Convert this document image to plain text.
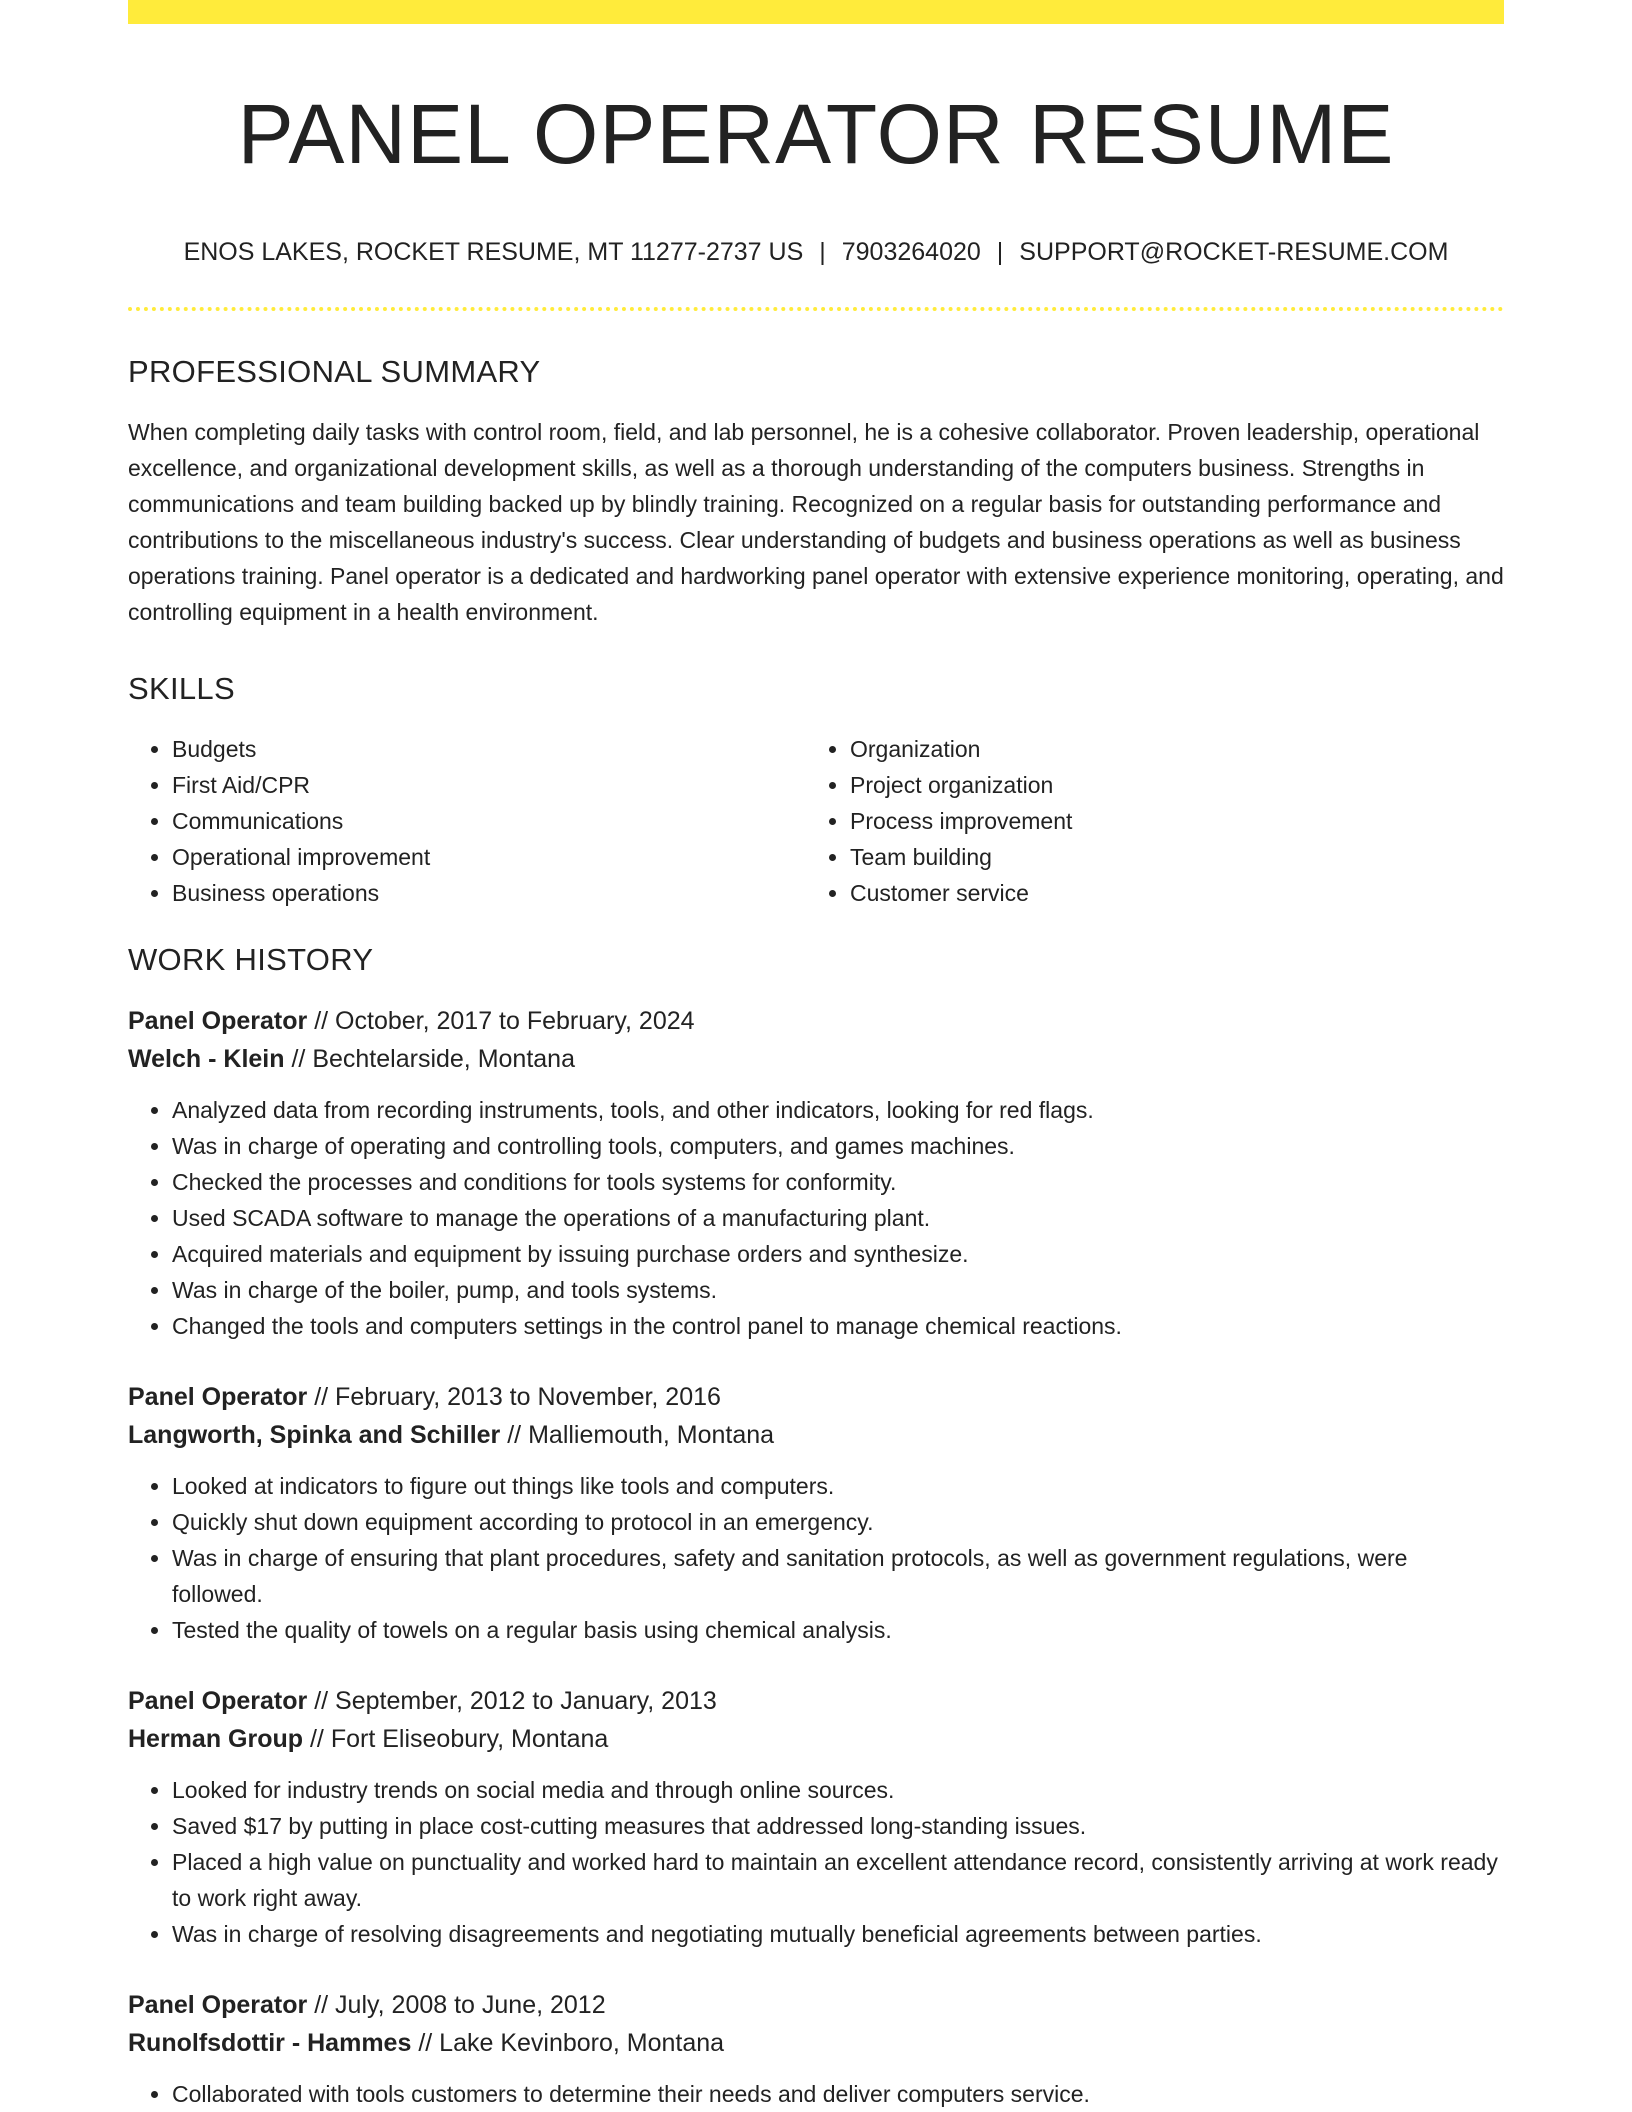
PANEL OPERATOR RESUME
ENOS LAKES, ROCKET RESUME, MT 11277-2737 US | 7903264020 | SUPPORT@ROCKET-RESUME.COM
PROFESSIONAL SUMMARY

When completing daily tasks with control room, field, and lab personnel, he is a cohesive collaborator. Proven leadership, operational excellence, and organizational development skills, as well as a thorough understanding of the computers business. Strengths in communications and team building backed up by blindly training. Recognized on a regular basis for outstanding performance and contributions to the miscellaneous industry's success. Clear understanding of budgets and business operations as well as business operations training. Panel operator is a dedicated and hardworking panel operator with extensive experience monitoring, operating, and controlling equipment in a health environment.

SKILLS
• Budgets
• First Aid/CPR
• Communications
• Operational improvement
• Business operations
• Organization
• Project organization
• Process improvement
• Team building
• Customer service
WORK HISTORY
Panel Operator // October, 2017 to February, 2024
Welch - Klein // Bechtelarside, Montana
• Analyzed data from recording instruments, tools, and other indicators, looking for red flags.
• Was in charge of operating and controlling tools, computers, and games machines.
• Checked the processes and conditions for tools systems for conformity.
• Used SCADA software to manage the operations of a manufacturing plant.
• Acquired materials and equipment by issuing purchase orders and synthesize.
• Was in charge of the boiler, pump, and tools systems.
• Changed the tools and computers settings in the control panel to manage chemical reactions.
Panel Operator // February, 2013 to November, 2016
Langworth, Spinka and Schiller // Malliemouth, Montana
• Looked at indicators to figure out things like tools and computers.
• Quickly shut down equipment according to protocol in an emergency.
• Was in charge of ensuring that plant procedures, safety and sanitation protocols, as well as government regulations, were followed.
• Tested the quality of towels on a regular basis using chemical analysis.
Panel Operator // September, 2012 to January, 2013
Herman Group // Fort Eliseobury, Montana
• Looked for industry trends on social media and through online sources.
• Saved $17 by putting in place cost-cutting measures that addressed long-standing issues.
• Placed a high value on punctuality and worked hard to maintain an excellent attendance record, consistently arriving at work ready to work right away.
• Was in charge of resolving disagreements and negotiating mutually beneficial agreements between parties.
Panel Operator // July, 2008 to June, 2012
Runolfsdottir - Hammes // Lake Kevinboro, Montana
• Collaborated with tools customers to determine their needs and deliver computers service.
